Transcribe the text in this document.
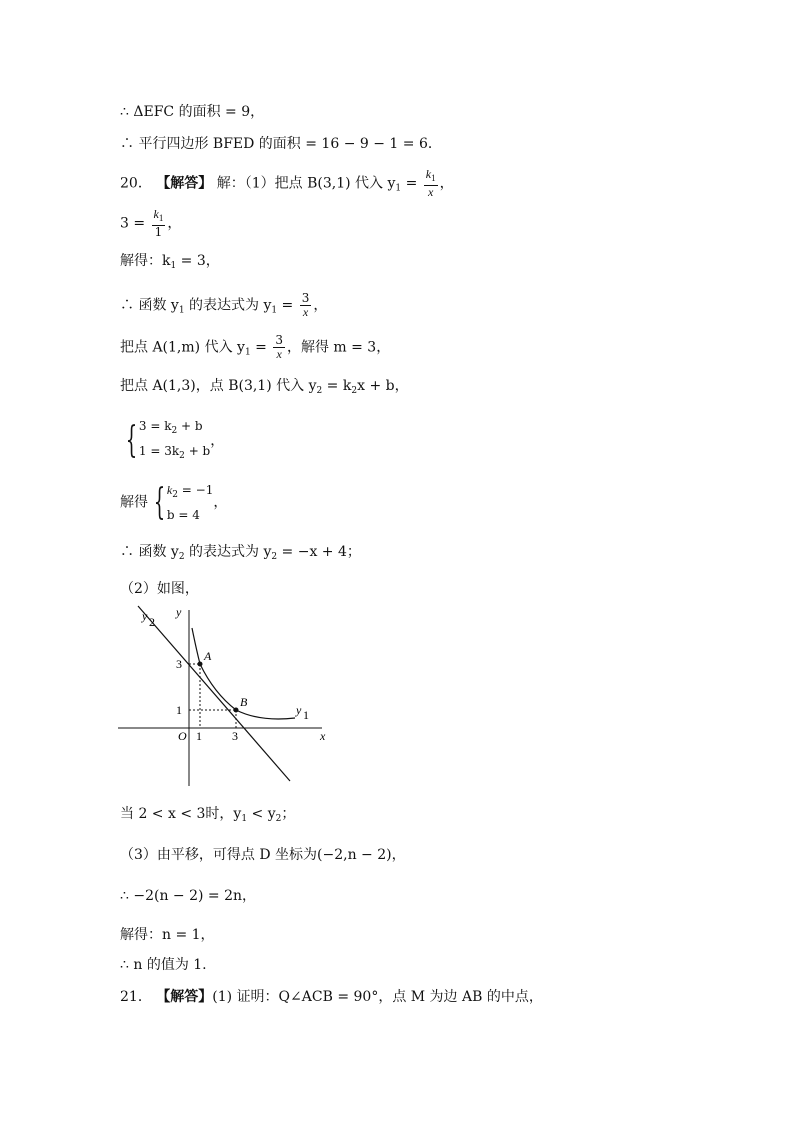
∴ ΔEFC 的面积 = 9，
∴ 平行四边形 BFED 的面积 = 16 − 9 − 1 = 6．
20． 【解答】 解：（1）把点 B(3,1) 代入 $y_1 = \frac{k_1}{x}$ ，
$3 = \frac{k_1}{1}$ ，
解得：$k_1 = 3$，
∴ 函数 $y_1$ 的表达式为 $y_1 = \frac{3}{x}$ ，
把点 A(1,m) 代入 $y_1 = \frac{3}{x}$ ，解得 m = 3，
把点 A(1,3)，点 B(3,1) 代入 $y_2 = k_2x + b$，
{ $3 = k_2 + b$
$1 = 3k_2 + b$
，
解得 { $k_2 = -1$
b = 4
，
∴ 函数 $y_2$ 的表达式为 $y_2 = -x + 4$；
（2）如图，
y 2
y
x
O
A
B
y 1
1	3
1
3
当 2 < x < 3时，$y_1 < y_2$；
（3）由平移，可得点 D 坐标为(−2,n − 2)，
∴ −2(n − 2) = 2n，
解得：n = 1，
∴ n 的值为 1.
21． 【解答】(1) 证明：Q∠ACB = 90°，点 M 为边 AB 的中点，
